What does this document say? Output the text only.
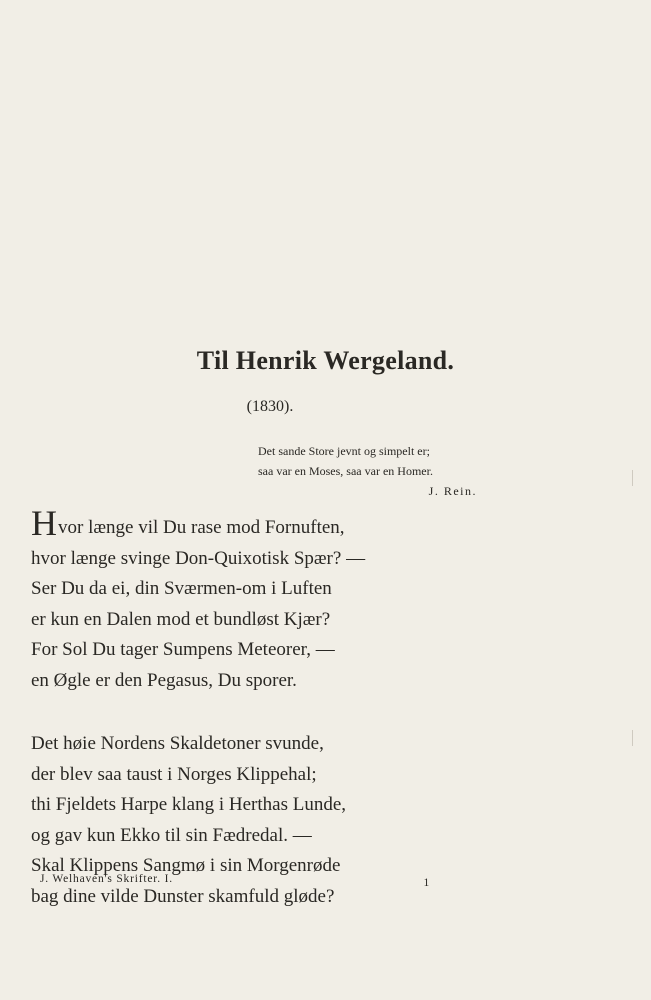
Til Henrik Wergeland.
(1830).
Det sande Store jevnt og simpelt er;
saa var en Moses, saa var en Homer.
J. Rein.
Hvor længe vil Du rase mod Fornuften,
hvor længe svinge Don-Quixotisk Spær? —
Ser Du da ei, din Sværmen-om i Luften
er kun en Dalen mod et bundløst Kjær?
For Sol Du tager Sumpens Meteorer, —
en Øgle er den Pegasus, Du sporer.
Det høie Nordens Skaldetoner svunde,
der blev saa taust i Norges Klippehal;
thi Fjeldets Harpe klang i Herthas Lunde,
og gav kun Ekko til sin Fædredal. —
Skal Klippens Sangmø i sin Morgenrøde
bag dine vilde Dunster skamfuld gløde?
J. Welhaven's Skrifter. I.	1
